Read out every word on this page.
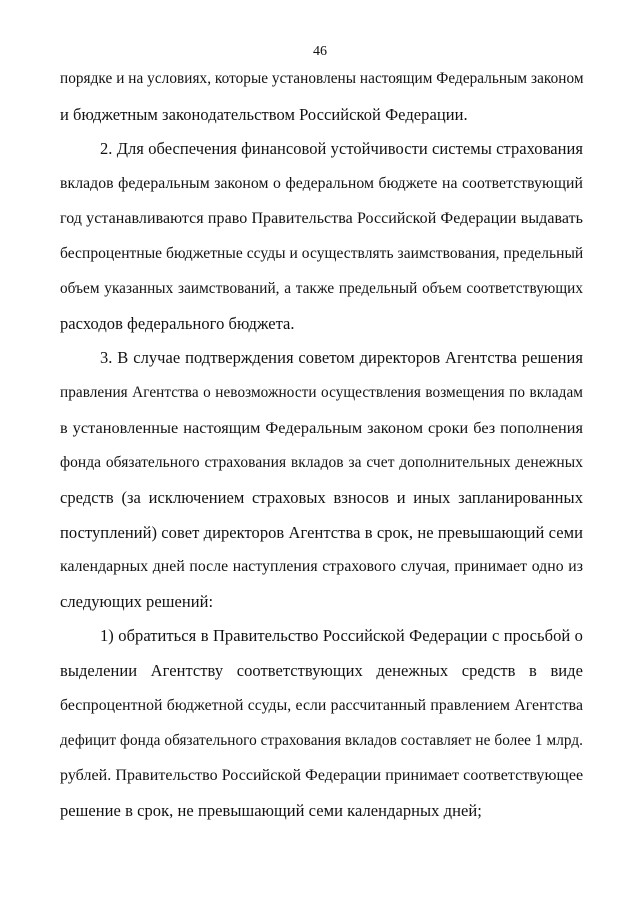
46
порядке и на условиях, которые установлены настоящим Федеральным законом
и бюджетным законодательством Российской Федерации.
2. Для обеспечения финансовой устойчивости системы страхования
вкладов федеральным законом о федеральном бюджете на соответствующий
год устанавливаются право Правительства Российской Федерации выдавать
беспроцентные бюджетные ссуды и осуществлять заимствования, предельный
объем указанных заимствований, а также предельный объем соответствующих
расходов федерального бюджета.
3. В случае подтверждения советом директоров Агентства решения
правления Агентства о невозможности осуществления возмещения по вкладам
в установленные настоящим Федеральным законом сроки без пополнения
фонда обязательного страхования вкладов за счет дополнительных денежных
средств (за исключением страховых взносов и иных запланированных
поступлений) совет директоров Агентства в срок, не превышающий семи
календарных дней после наступления страхового случая, принимает одно из
следующих решений:
1) обратиться в Правительство Российской Федерации с просьбой о
выделении Агентству соответствующих денежных средств в виде
беспроцентной бюджетной ссуды, если рассчитанный правлением Агентства
дефицит фонда обязательного страхования вкладов составляет не более 1 млрд.
рублей. Правительство Российской Федерации принимает соответствующее
решение в срок, не превышающий семи календарных дней;
